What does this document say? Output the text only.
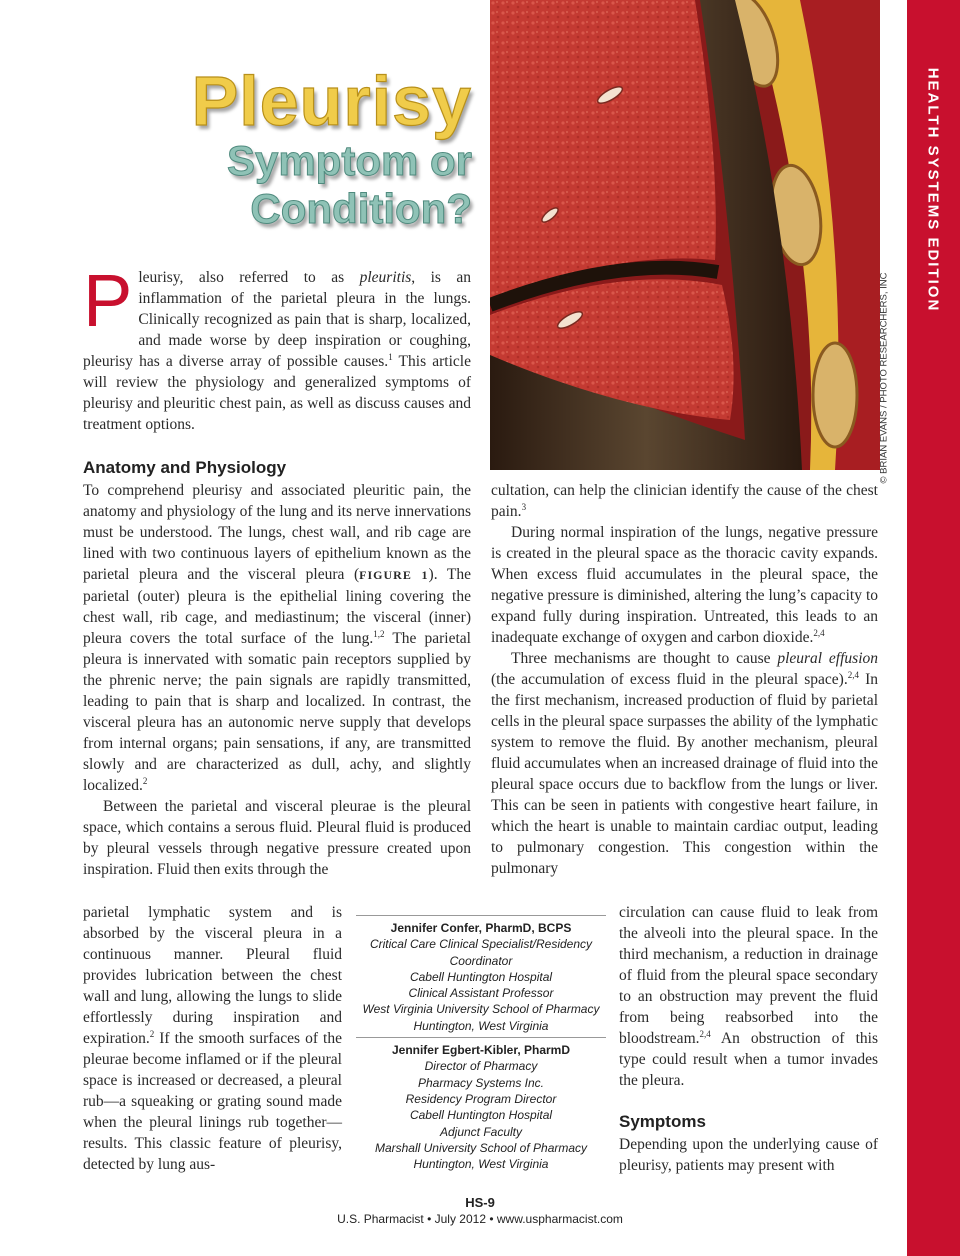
HEALTH SYSTEMS EDITION
© BRIAN EVANS / PHOTO RESEARCHERS, INC
Pleurisy
Symptom or
Condition?
Pleurisy, also referred to as pleuritis, is an inflammation of the parietal pleura in the lungs. Clinically recognized as pain that is sharp, localized, and made worse by deep inspiration or coughing, pleurisy has a diverse array of possible causes.$^1$ This article will review the physiology and generalized symptoms of pleurisy and pleuritic chest pain, as well as discuss causes and treatment options.
Anatomy and Physiology

To comprehend pleurisy and associated pleuritic pain, the anatomy and physiology of the lung and its nerve innervations must be understood. The lungs, chest wall, and rib cage are lined with two continuous layers of epithelium known as the parietal pleura and the visceral pleura (FIGURE 1). The parietal (outer) pleura is the epithelial lining covering the chest wall, rib cage, and mediastinum; the visceral (inner) pleura covers the total surface of the lung.$^{1,2}$ The parietal pleura is innervated with somatic pain receptors supplied by the phrenic nerve; the pain signals are rapidly transmitted, leading to pain that is sharp and localized. In contrast, the visceral pleura has an autonomic nerve supply that develops from internal organs; pain sensations, if any, are transmitted slowly and are characterized as dull, achy, and slightly localized.$^2$

Between the parietal and visceral pleurae is the pleural space, which contains a serous fluid. Pleural fluid is produced by pleural vessels through negative pressure created upon inspiration. Fluid then exits through the

parietal lymphatic system and is absorbed by the visceral pleura in a continuous manner. Pleural fluid provides lubrication between the chest wall and lung, allowing the lungs to slide effortlessly during inspiration and expiration.$^2$ If the smooth surfaces of the pleurae become inflamed or if the pleural space is increased or decreased, a pleural rub—a squeaking or grating sound made when the pleural linings rub together—results. This classic feature of pleurisy, detected by lung aus-

cultation, can help the clinician identify the cause of the chest pain.$^3$

During normal inspiration of the lungs, negative pressure is created in the pleural space as the thoracic cavity expands. When excess fluid accumulates in the pleural space, the negative pressure is diminished, altering the lung’s capacity to expand fully during inspiration. Untreated, this leads to an inadequate exchange of oxygen and carbon dioxide.$^{2,4}$

Three mechanisms are thought to cause pleural effusion (the accumulation of excess fluid in the pleural space).$^{2,4}$ In the first mechanism, increased production of fluid by parietal cells in the pleural space surpasses the ability of the lymphatic system to remove the fluid. By another mechanism, pleural fluid accumulates when an increased drainage of fluid into the pleural space occurs due to backflow from the lungs or liver. This can be seen in patients with congestive heart failure, in which the heart is unable to maintain cardiac output, leading to pulmonary congestion. This congestion within the pulmonary

circulation can cause fluid to leak from the alveoli into the pleural space. In the third mechanism, a reduction in drainage of fluid from the pleural space secondary to an obstruction may prevent the fluid from being reabsorbed into the bloodstream.$^{2,4}$ An obstruction of this type could result when a tumor invades the pleura.

Symptoms

Depending upon the underlying cause of pleurisy, patients may present with

Jennifer Confer, PharmD, BCPS
Critical Care Clinical Specialist/Residency Coordinator
Cabell Huntington Hospital
Clinical Assistant Professor
West Virginia University School of Pharmacy
Huntington, West Virginia
Jennifer Egbert-Kibler, PharmD
Director of Pharmacy
Pharmacy Systems Inc.
Residency Program Director
Cabell Huntington Hospital
Adjunct Faculty
Marshall University School of Pharmacy
Huntington, West Virginia
HS-9
U.S. Pharmacist • July 2012 • www.uspharmacist.com
